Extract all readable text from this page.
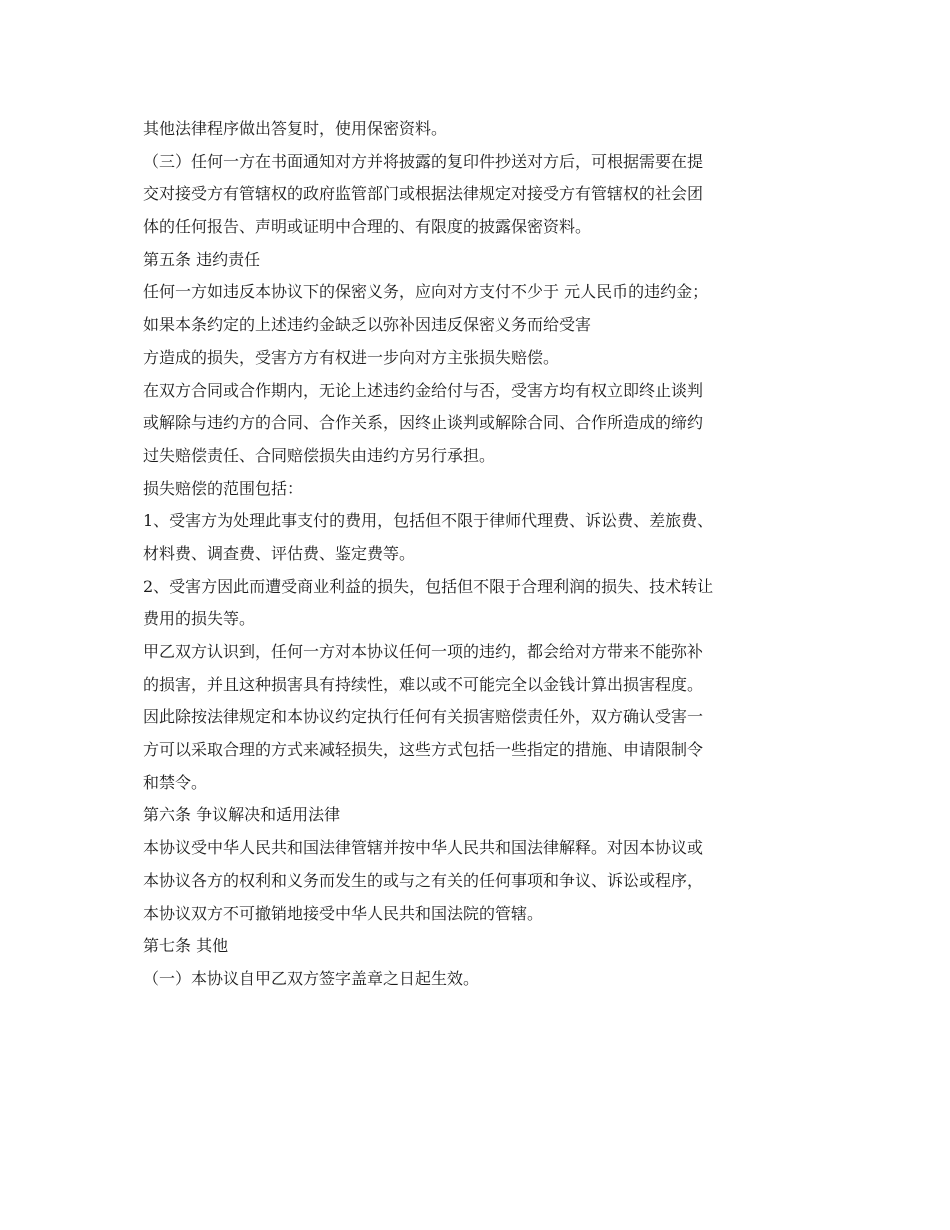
其他法律程序做出答复时，使用保密资料。
（三）任何一方在书面通知对方并将披露的复印件抄送对方后，可根据需要在提
交对接受方有管辖权的政府监管部门或根据法律规定对接受方有管辖权的社会团
体的任何报告、声明或证明中合理的、有限度的披露保密资料。
第五条 违约责任
任何一方如违反本协议下的保密义务，应向对方支付不少于 元人民币的违约金；
如果本条约定的上述违约金缺乏以弥补因违反保密义务而给受害
方造成的损失，受害方方有权进一步向对方主张损失赔偿。
在双方合同或合作期内，无论上述违约金给付与否，受害方均有权立即终止谈判
或解除与违约方的合同、合作关系，因终止谈判或解除合同、合作所造成的缔约
过失赔偿责任、合同赔偿损失由违约方另行承担。
损失赔偿的范围包括：
1、受害方为处理此事支付的费用，包括但不限于律师代理费、诉讼费、差旅费、
材料费、调查费、评估费、鉴定费等。
2、受害方因此而遭受商业利益的损失，包括但不限于合理利润的损失、技术转让
费用的损失等。
甲乙双方认识到，任何一方对本协议任何一项的违约，都会给对方带来不能弥补
的损害，并且这种损害具有持续性，难以或不可能完全以金钱计算出损害程度。
因此除按法律规定和本协议约定执行任何有关损害赔偿责任外，双方确认受害一
方可以采取合理的方式来减轻损失，这些方式包括一些指定的措施、申请限制令
和禁令。
第六条 争议解决和适用法律
本协议受中华人民共和国法律管辖并按中华人民共和国法律解释。对因本协议或
本协议各方的权利和义务而发生的或与之有关的任何事项和争议、诉讼或程序，
本协议双方不可撤销地接受中华人民共和国法院的管辖。
第七条 其他
（一）本协议自甲乙双方签字盖章之日起生效。
